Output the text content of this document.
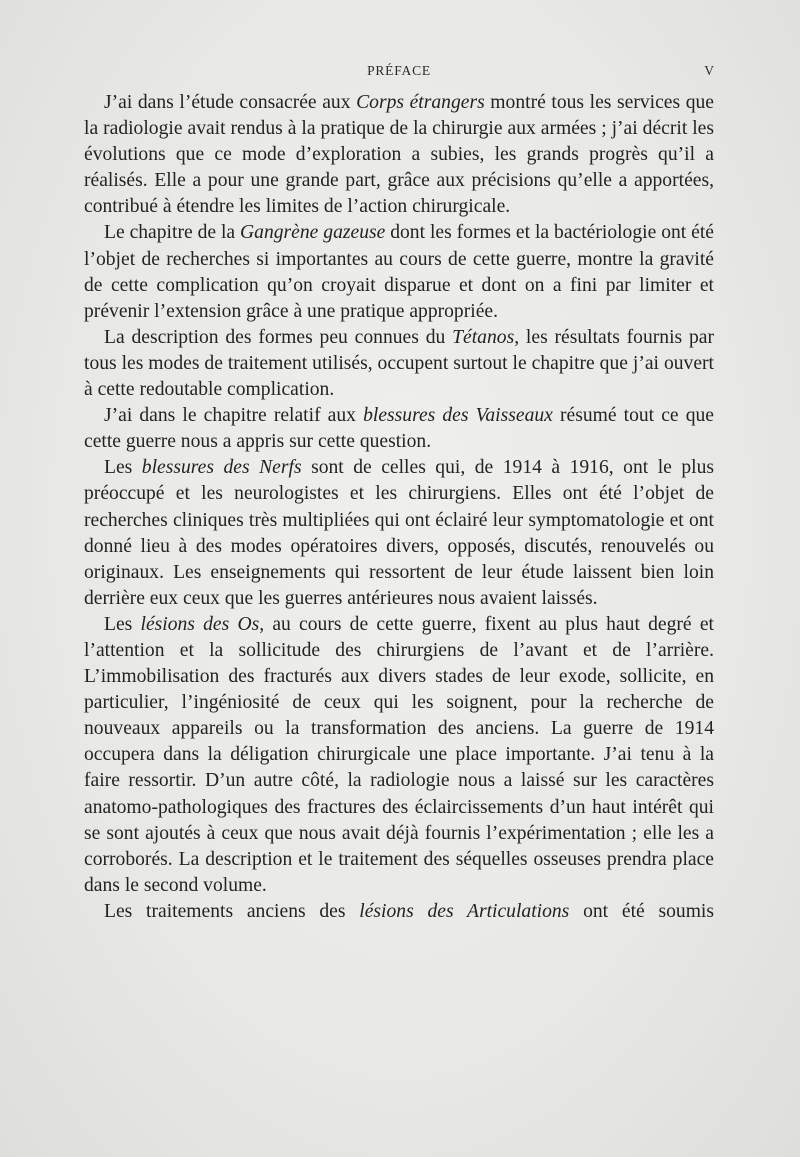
PRÉFACE	V

J’ai dans l’étude consacrée aux Corps étrangers montré tous les services que la radiologie avait rendus à la pratique de la chirurgie aux armées ; j’ai décrit les évolutions que ce mode d’exploration a subies, les grands progrès qu’il a réalisés. Elle a pour une grande part, grâce aux précisions qu’elle a apportées, contribué à étendre les limites de l’action chirurgicale.

Le chapitre de la Gangrène gazeuse dont les formes et la bactériologie ont été l’objet de recherches si importantes au cours de cette guerre, montre la gravité de cette complication qu’on croyait disparue et dont on a fini par limiter et prévenir l’extension grâce à une pratique appropriée.

La description des formes peu connues du Tétanos, les résultats fournis par tous les modes de traitement utilisés, occupent surtout le chapitre que j’ai ouvert à cette redoutable complication.

J’ai dans le chapitre relatif aux blessures des Vaisseaux résumé tout ce que cette guerre nous a appris sur cette question.

Les blessures des Nerfs sont de celles qui, de 1914 à 1916, ont le plus préoccupé et les neurologistes et les chirurgiens. Elles ont été l’objet de recherches cliniques très multipliées qui ont éclairé leur symptomatologie et ont donné lieu à des modes opératoires divers, opposés, discutés, renouvelés ou originaux. Les enseignements qui ressortent de leur étude laissent bien loin derrière eux ceux que les guerres antérieures nous avaient laissés.

Les lésions des Os, au cours de cette guerre, fixent au plus haut degré et l’attention et la sollicitude des chirurgiens de l’avant et de l’arrière. L’immobilisation des fracturés aux divers stades de leur exode, sollicite, en particulier, l’ingéniosité de ceux qui les soignent, pour la recherche de nouveaux appareils ou la transformation des anciens. La guerre de 1914 occupera dans la déligation chirurgicale une place importante. J’ai tenu à la faire ressortir. D’un autre côté, la radiologie nous a laissé sur les caractères anatomo-pathologiques des fractures des éclaircissements d’un haut intérêt qui se sont ajoutés à ceux que nous avait déjà fournis l’expérimentation ; elle les a corroborés. La description et le traitement des séquelles osseuses prendra place dans le second volume.

Les traitements anciens des lésions des Articulations ont été soumis
